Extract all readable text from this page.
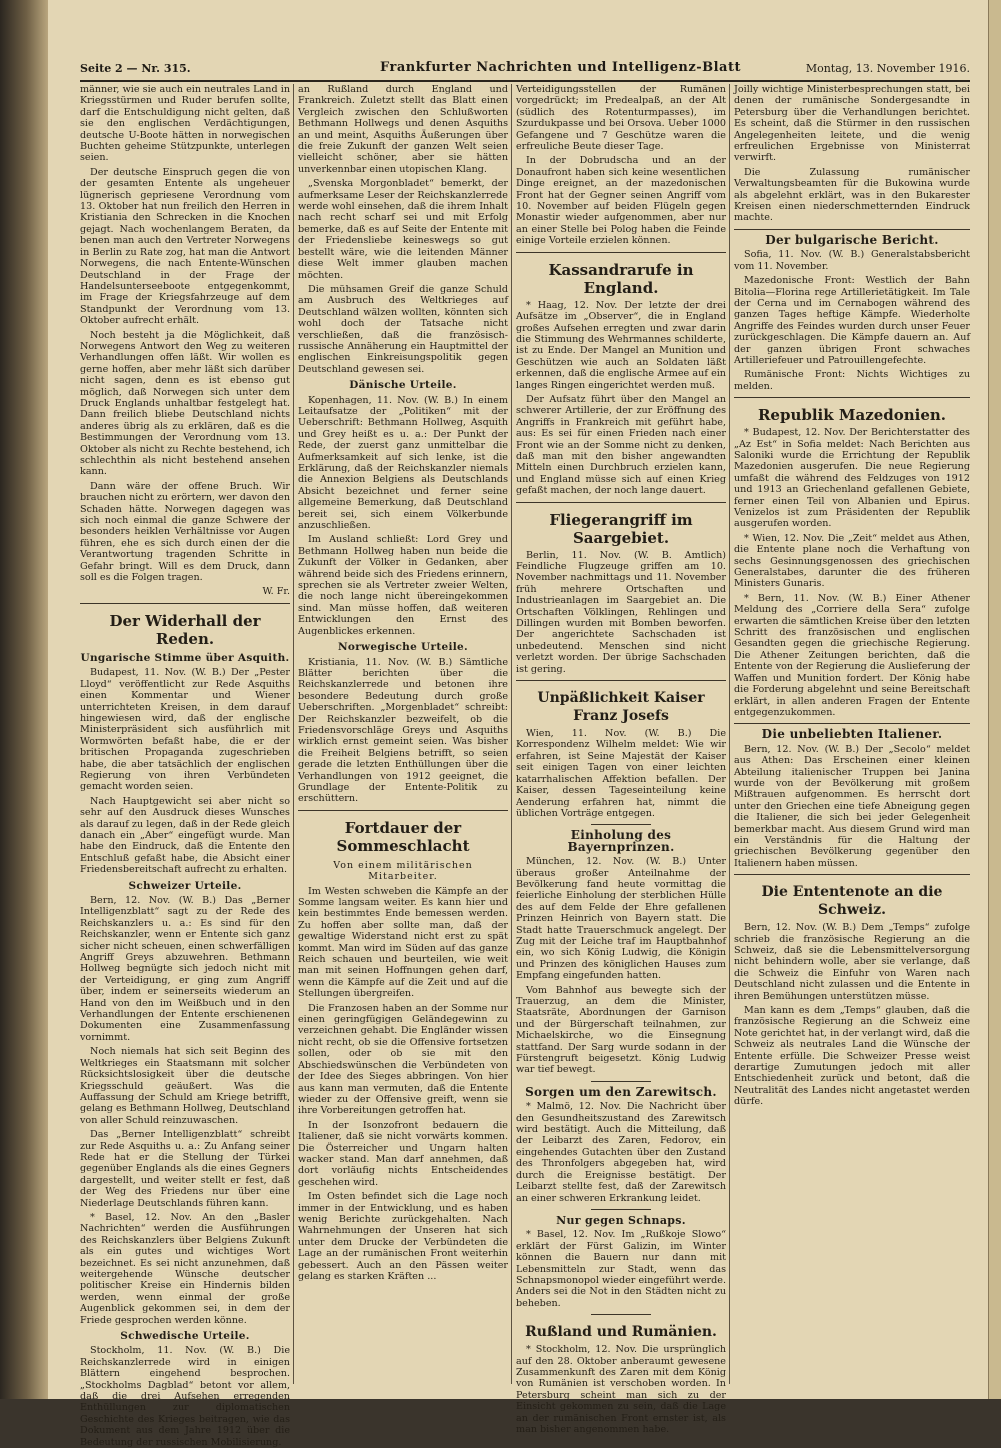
Seite 2 — Nr. 315.	Frankfurter Nachrichten und Intelligenz-Blatt	Montag, 13. November 1916.

männer, wie sie auch ein neutrales Land in Kriegsstürmen und Ruder berufen sollte, darf die Entschuldigung nicht gelten, daß sie den englischen Verdächtigungen, deutsche U-Boote hätten in norwegischen Buchten geheime Stützpunkte, unterlegen seien.

Der deutsche Einspruch gegen die von der gesamten Entente als ungeheuer lügnerisch gepriesene Verordnung vom 13. Oktober hat nun freilich den Herren in Kristiania den Schrecken in die Knochen gejagt. Nach wochenlangem Beraten, da benen man auch den Vertreter Norwegens in Berlin zu Rate zog, hat man die Antwort Norwegens, die nach Entente-Wünschen Deutschland in der Frage der Handelsunterseeboote entgegenkommt, im Frage der Kriegsfahrzeuge auf dem Standpunkt der Verordnung vom 13. Oktober aufrecht erhält.

Noch besteht ja die Möglichkeit, daß Norwegens Antwort den Weg zu weiteren Verhandlungen offen läßt. Wir wollen es gerne hoffen, aber mehr läßt sich darüber nicht sagen, denn es ist ebenso gut möglich, daß Norwegen sich unter dem Druck Englands unhaltbar festgelegt hat. Dann freilich bliebe Deutschland nichts anderes übrig als zu erklären, daß es die Bestimmungen der Verordnung vom 13. Oktober als nicht zu Rechte bestehend, ich schlechthin als nicht bestehend ansehen kann.

Dann wäre der offene Bruch. Wir brauchen nicht zu erörtern, wer davon den Schaden hätte. Norwegen dagegen was sich noch einmal die ganze Schwere der besonders heiklen Verhältnisse vor Augen führen, ehe es sich durch einen der die Verantwortung tragenden Schritte in Gefahr bringt. Will es dem Druck, dann soll es die Folgen tragen.

W. Fr.

Der Widerhall der Reden.
Ungarische Stimme über Asquith.

Budapest, 11. Nov. (W. B.) Der „Pester Lloyd“ veröffentlicht zur Rede Asquiths einen Kommentar und Wiener unterrichteten Kreisen, in dem darauf hingewiesen wird, daß der englische Ministerpräsident sich ausführlich mit Wormwörten befaßt habe, die er der britischen Propaganda zugeschrieben habe, die aber tatsächlich der englischen Regierung von ihren Verbündeten gemacht worden seien.

Nach Hauptgewicht sei aber nicht so sehr auf den Ausdruck dieses Wunsches als darauf zu legen, daß in der Rede gleich danach ein „Aber“ eingefügt wurde. Man habe den Eindruck, daß die Entente den Entschluß gefaßt habe, die Absicht einer Friedensbereitschaft aufrecht zu erhalten.

Schweizer Urteile.

Bern, 12. Nov. (W. B.) Das „Berner Intelligenzblatt“ sagt zu der Rede des Reichskanzlers u. a.: Es sind für den Reichskanzler, wenn er Entente sich ganz sicher nicht scheuen, einen schwerfälligen Angriff Greys abzuwehren. Bethmann Hollweg begnügte sich jedoch nicht mit der Verteidigung, er ging zum Angriff über, indem er seinerseits wiederum an Hand von den im Weißbuch und in den Verhandlungen der Entente erschienenen Dokumenten eine Zusammenfassung vornimmt.

Noch niemals hat sich seit Beginn des Weltkrieges ein Staatsmann mit solcher Rücksichtslosigkeit über die deutsche Kriegsschuld geäußert. Was die Auffassung der Schuld am Kriege betrifft, gelang es Bethmann Hollweg, Deutschland von aller Schuld reinzuwaschen.

Das „Berner Intelligenzblatt“ schreibt zur Rede Asquiths u. a.: Zu Anfang seiner Rede hat er die Stellung der Türkei gegenüber Englands als die eines Gegners dargestellt, und weiter stellt er fest, daß der Weg des Friedens nur über eine Niederlage Deutschlands führen kann.

* Basel, 12. Nov. An den „Basler Nachrichten“ werden die Ausführungen des Reichskanzlers über Belgiens Zukunft als ein gutes und wichtiges Wort bezeichnet. Es sei nicht anzunehmen, daß weitergehende Wünsche deutscher politischer Kreise ein Hindernis bilden werden, wenn einmal der große Augenblick gekommen sei, in dem der Friede gesprochen werden könne.

Schwedische Urteile.

Stockholm, 11. Nov. (W. B.) Die Reichskanzlerrede wird in einigen Blättern eingehend besprochen. „Stockholms Dagblad“ betont vor allem, daß die drei Aufsehen erregenden Enthüllungen zur diplomatischen Geschichte des Krieges beitragen, wie das Dokument aus dem Jahre 1912 über die Bedeutung der russischen Mobilisierung.

an Rußland durch England und Frankreich. Zuletzt stellt das Blatt einen Vergleich zwischen den Schlußworten Bethmann Hollwegs und denen Asquiths an und meint, Asquiths Äußerungen über die freie Zukunft der ganzen Welt seien vielleicht schöner, aber sie hätten unverkennbar einen utopischen Klang.

„Svenska Morgonbladet“ bemerkt, der aufmerksame Leser der Reichskanzlerrede werde wohl einsehen, daß die ihrem Inhalt nach recht scharf sei und mit Erfolg bemerke, daß es auf Seite der Entente mit der Friedensliebe keineswegs so gut bestellt wäre, wie die leitenden Männer diese Welt immer glauben machen möchten.

Die mühsamen Greif die ganze Schuld am Ausbruch des Weltkrieges auf Deutschland wälzen wollten, könnten sich wohl doch der Tatsache nicht verschließen, daß die französisch-russische Annäherung ein Hauptmittel der englischen Einkreisungspolitik gegen Deutschland gewesen sei.

Dänische Urteile.

Kopenhagen, 11. Nov. (W. B.) In einem Leitaufsatze der „Politiken“ mit der Ueberschrift: Bethmann Hollweg, Asquith und Grey heißt es u. a.: Der Punkt der Rede, der zuerst ganz unmittelbar die Aufmerksamkeit auf sich lenke, ist die Erklärung, daß der Reichskanzler niemals die Annexion Belgiens als Deutschlands Absicht bezeichnet und ferner seine allgemeine Bemerkung, daß Deutschland bereit sei, sich einem Völkerbunde anzuschließen.

Im Ausland schließt: Lord Grey und Bethmann Hollweg haben nun beide die Zukunft der Völker in Gedanken, aber während beide sich des Friedens erinnern, sprechen sie als Vertreter zweier Welten, die noch lange nicht übereingekommen sind. Man müsse hoffen, daß weiteren Entwicklungen den Ernst des Augenblickes erkennen.

Norwegische Urteile.

Kristiania, 11. Nov. (W. B.) Sämtliche Blätter berichten über die Reichskanzlerrede und betonen ihre besondere Bedeutung durch große Ueberschriften. „Morgenbladet“ schreibt: Der Reichskanzler bezweifelt, ob die Friedensvorschläge Greys und Asquiths wirklich ernst gemeint seien. Was bisher die Freiheit Belgiens betrifft, so seien gerade die letzten Enthüllungen über die Verhandlungen von 1912 geeignet, die Grundlage der Entente-Politik zu erschüttern.

Fortdauer der Sommeschlacht
Von einem militärischen Mitarbeiter.

Im Westen schweben die Kämpfe an der Somme langsam weiter. Es kann hier und kein bestimmtes Ende bemessen werden. Zu hoffen aber sollte man, daß der gewaltige Widerstand nicht erst zu spät kommt. Man wird im Süden auf das ganze Reich schauen und beurteilen, wie weit man mit seinen Hoffnungen gehen darf, wenn die Kämpfe auf die Zeit und auf die Stellungen übergreifen.

Die Franzosen haben an der Somme nur einen geringfügigen Geländegewinn zu verzeichnen gehabt. Die Engländer wissen nicht recht, ob sie die Offensive fortsetzen sollen, oder ob sie mit den Abschiedswünschen die Verbündeten von der Idee des Sieges abbringen. Von hier aus kann man vermuten, daß die Entente wieder zu der Offensive greift, wenn sie ihre Vorbereitungen getroffen hat.

In der Isonzofront bedauern die Italiener, daß sie nicht vorwärts kommen. Die Österreicher und Ungarn halten wacker stand. Man darf annehmen, daß dort vorläufig nichts Entscheidendes geschehen wird.

Im Osten befindet sich die Lage noch immer in der Entwicklung, und es haben wenig Berichte zurückgehalten. Nach Wahrnehmungen der Unseren hat sich unter dem Drucke der Verbündeten die Lage an der rumänischen Front weiterhin gebessert. Auch an den Pässen weiter gelang es starken Kräften ...

Verteidigungsstellen der Rumänen vorgedrückt; im Predealpaß, an der Alt (südlich des Rotenturmpasses), im Szurdukpasse und bei Orsova. Ueber 1000 Gefangene und 7 Geschütze waren die erfreuliche Beute dieser Tage.

In der Dobrudscha und an der Donaufront haben sich keine wesentlichen Dinge ereignet, an der mazedonischen Front hat der Gegner seinen Angriff vom 10. November auf beiden Flügeln gegen Monastir wieder aufgenommen, aber nur an einer Stelle bei Polog haben die Feinde einige Vorteile erzielen können.

Kassandrarufe in England.

* Haag, 12. Nov. Der letzte der drei Aufsätze im „Observer“, die in England großes Aufsehen erregten und zwar darin die Stimmung des Wehrmannes schilderte, ist zu Ende. Der Mangel an Munition und Geschützen wie auch an Soldaten läßt erkennen, daß die englische Armee auf ein langes Ringen eingerichtet werden muß.

Der Aufsatz führt über den Mangel an schwerer Artillerie, der zur Eröffnung des Angriffs in Frankreich mit geführt habe, aus: Es sei für einen Frieden nach einer Front wie an der Somme nicht zu denken, daß man mit den bisher angewandten Mitteln einen Durchbruch erzielen kann, und England müsse sich auf einen Krieg gefaßt machen, der noch lange dauert.

Fliegerangriff im Saargebiet.

Berlin, 11. Nov. (W. B. Amtlich) Feindliche Flugzeuge griffen am 10. November nachmittags und 11. November früh mehrere Ortschaften und Industrieanlagen im Saargebiet an. Die Ortschaften Völklingen, Rehlingen und Dillingen wurden mit Bomben beworfen. Der angerichtete Sachschaden ist unbedeutend. Menschen sind nicht verletzt worden. Der übrige Sachschaden ist gering.

Unpäßlichkeit Kaiser Franz Josefs

Wien, 11. Nov. (W. B.) Die Korrespondenz Wilhelm meldet: Wie wir erfahren, ist Seine Majestät der Kaiser seit einigen Tagen von einer leichten katarrhalischen Affektion befallen. Der Kaiser, dessen Tageseinteilung keine Aenderung erfahren hat, nimmt die üblichen Vorträge entgegen.

Einholung des Bayernprinzen.

München, 12. Nov. (W. B.) Unter überaus großer Anteilnahme der Bevölkerung fand heute vormittag die feierliche Einholung der sterblichen Hülle des auf dem Felde der Ehre gefallenen Prinzen Heinrich von Bayern statt. Die Stadt hatte Trauerschmuck angelegt. Der Zug mit der Leiche traf im Hauptbahnhof ein, wo sich König Ludwig, die Königin und Prinzen des königlichen Hauses zum Empfang eingefunden hatten.

Vom Bahnhof aus bewegte sich der Trauerzug, an dem die Minister, Staatsräte, Abordnungen der Garnison und der Bürgerschaft teilnahmen, zur Michaelskirche, wo die Einsegnung stattfand. Der Sarg wurde sodann in der Fürstengruft beigesetzt. König Ludwig war tief bewegt.

Sorgen um den Zarewitsch.

* Malmö, 12. Nov. Die Nachricht über den Gesundheitszustand des Zarewitsch wird bestätigt. Auch die Mitteilung, daß der Leibarzt des Zaren, Fedorov, ein eingehendes Gutachten über den Zustand des Thronfolgers abgegeben hat, wird durch die Ereignisse bestätigt. Der Leibarzt stellte fest, daß der Zarewitsch an einer schweren Erkrankung leidet.

Nur gegen Schnaps.

* Basel, 12. Nov. Im „Rußkoje Slowo“ erklärt der Fürst Galizin, im Winter können die Bauern nur dann mit Lebensmitteln zur Stadt, wenn das Schnapsmonopol wieder eingeführt werde. Anders sei die Not in den Städten nicht zu beheben.

Rußland und Rumänien.

* Stockholm, 12. Nov. Die ursprünglich auf den 28. Oktober anberaumt gewesene Zusammenkunft des Zaren mit dem König von Rumänien ist verschoben worden. In Petersburg scheint man sich zu der Einsicht gekommen zu sein, daß die Lage an der rumänischen Front ernster ist, als man bisher angenommen habe.

Joilly wichtige Ministerbesprechungen statt, bei denen der rumänische Sondergesandte in Petersburg über die Verhandlungen berichtet. Es scheint, daß die Stürmer in den russischen Angelegenheiten leitete, und die wenig erfreulichen Ergebnisse von Ministerrat verwirft.

Die Zulassung rumänischer Verwaltungsbeamten für die Bukowina wurde als abgelehnt erklärt, was in den Bukarester Kreisen einen niederschmetternden Eindruck machte.

Der bulgarische Bericht.

Sofia, 11. Nov. (W. B.) Generalstabsbericht vom 11. November.

Mazedonische Front: Westlich der Bahn Bitolia—Florina rege Artillerietätigkeit. Im Tale der Cerna und im Cernabogen während des ganzen Tages heftige Kämpfe. Wiederholte Angriffe des Feindes wurden durch unser Feuer zurückgeschlagen. Die Kämpfe dauern an. Auf der ganzen übrigen Front schwaches Artilleriefeuer und Patrouillengefechte.

Rumänische Front: Nichts Wichtiges zu melden.

Republik Mazedonien.

* Budapest, 12. Nov. Der Berichterstatter des „Az Est“ in Sofia meldet: Nach Berichten aus Saloniki wurde die Errichtung der Republik Mazedonien ausgerufen. Die neue Regierung umfaßt die während des Feldzuges von 1912 und 1913 an Griechenland gefallenen Gebiete, ferner einen Teil von Albanien und Epirus. Venizelos ist zum Präsidenten der Republik ausgerufen worden.

* Wien, 12. Nov. Die „Zeit“ meldet aus Athen, die Entente plane noch die Verhaftung von sechs Gesinnungsgenossen des griechischen Generalstabes, darunter die des früheren Ministers Gunaris.

* Bern, 11. Nov. (W. B.) Einer Athener Meldung des „Corriere della Sera“ zufolge erwarten die sämtlichen Kreise über den letzten Schritt des französischen und englischen Gesandten gegen die griechische Regierung. Die Athener Zeitungen berichten, daß die Entente von der Regierung die Auslieferung der Waffen und Munition fordert. Der König habe die Forderung abgelehnt und seine Bereitschaft erklärt, in allen anderen Fragen der Entente entgegenzukommen.

Die unbeliebten Italiener.

Bern, 12. Nov. (W. B.) Der „Secolo“ meldet aus Athen: Das Erscheinen einer kleinen Abteilung italienischer Truppen bei Janina wurde von der Bevölkerung mit großem Mißtrauen aufgenommen. Es herrscht dort unter den Griechen eine tiefe Abneigung gegen die Italiener, die sich bei jeder Gelegenheit bemerkbar macht. Aus diesem Grund wird man ein Verständnis für die Haltung der griechischen Bevölkerung gegenüber den Italienern haben müssen.

Die Ententenote an die Schweiz.

Bern, 12. Nov. (W. B.) Dem „Temps“ zufolge schrieb die französische Regierung an die Schweiz, daß sie die Lebensmittelversorgung nicht behindern wolle, aber sie verlange, daß die Schweiz die Einfuhr von Waren nach Deutschland nicht zulassen und die Entente in ihren Bemühungen unterstützen müsse.

Man kann es dem „Temps“ glauben, daß die französische Regierung an die Schweiz eine Note gerichtet hat, in der verlangt wird, daß die Schweiz als neutrales Land die Wünsche der Entente erfülle. Die Schweizer Presse weist derartige Zumutungen jedoch mit aller Entschiedenheit zurück und betont, daß die Neutralität des Landes nicht angetastet werden dürfe.
